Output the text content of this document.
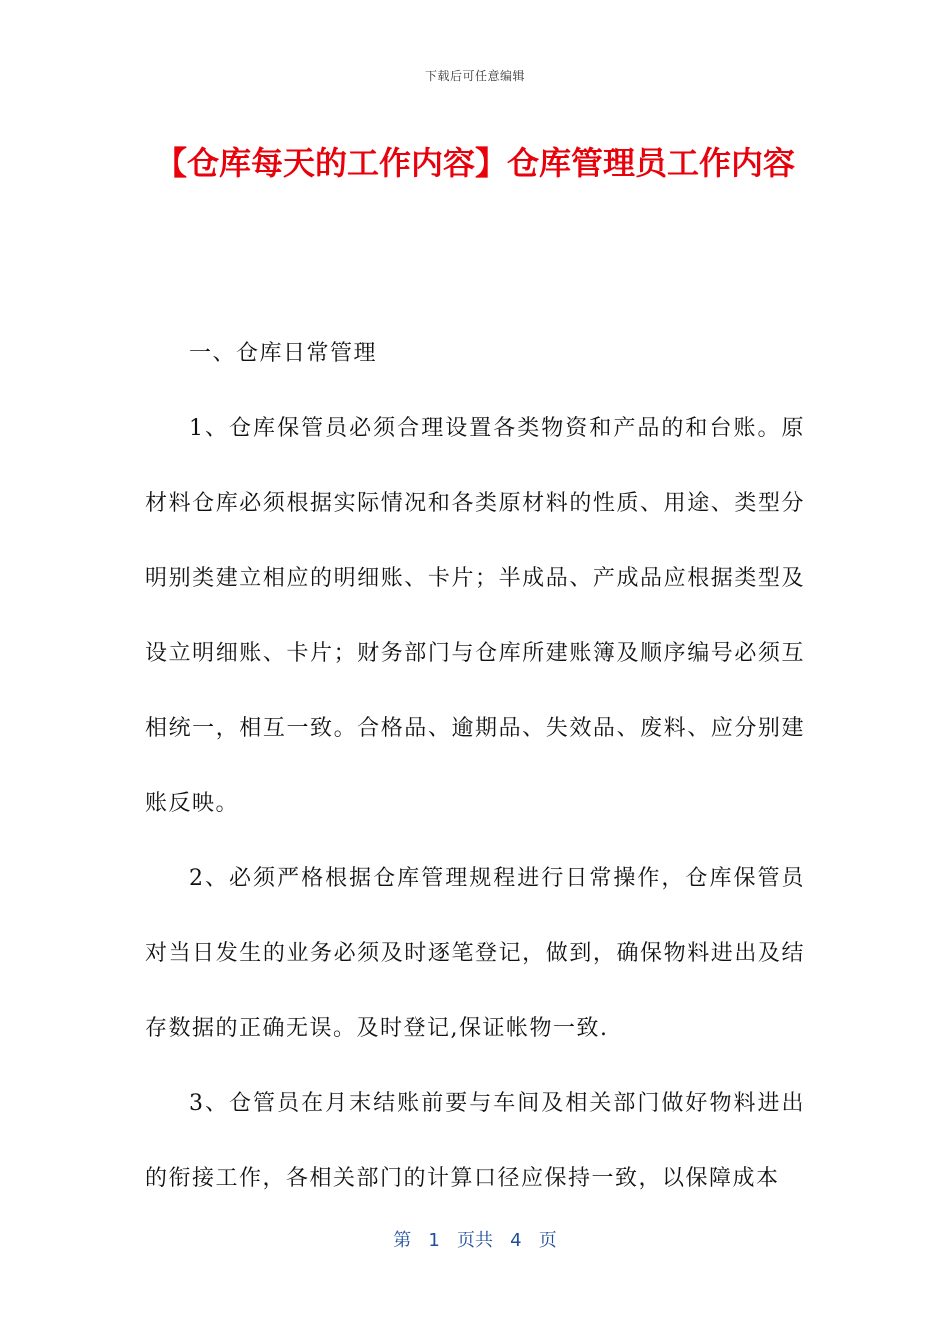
下载后可任意编辑
【仓库每天的工作内容】仓库管理员工作内容

一、仓库日常管理

1、仓库保管员必须合理设置各类物资和产品的和台账。原材料仓库必须根据实际情况和各类原材料的性质、用途、类型分明别类建立相应的明细账、卡片；半成品、产成品应根据类型及设立明细账、卡片；财务部门与仓库所建账簿及顺序编号必须互相统一，相互一致。合格品、逾期品、失效品、废料、应分别建账反映。

2、必须严格根据仓库管理规程进行日常操作，仓库保管员对当日发生的业务必须及时逐笔登记，做到，确保物料进出及结存数据的正确无误。及时登记,保证帐物一致.

3、仓管员在月末结账前要与车间及相关部门做好物料进出的衔接工作，各相关部门的计算口径应保持一致，以保障成本

第 1 页共 4 页
